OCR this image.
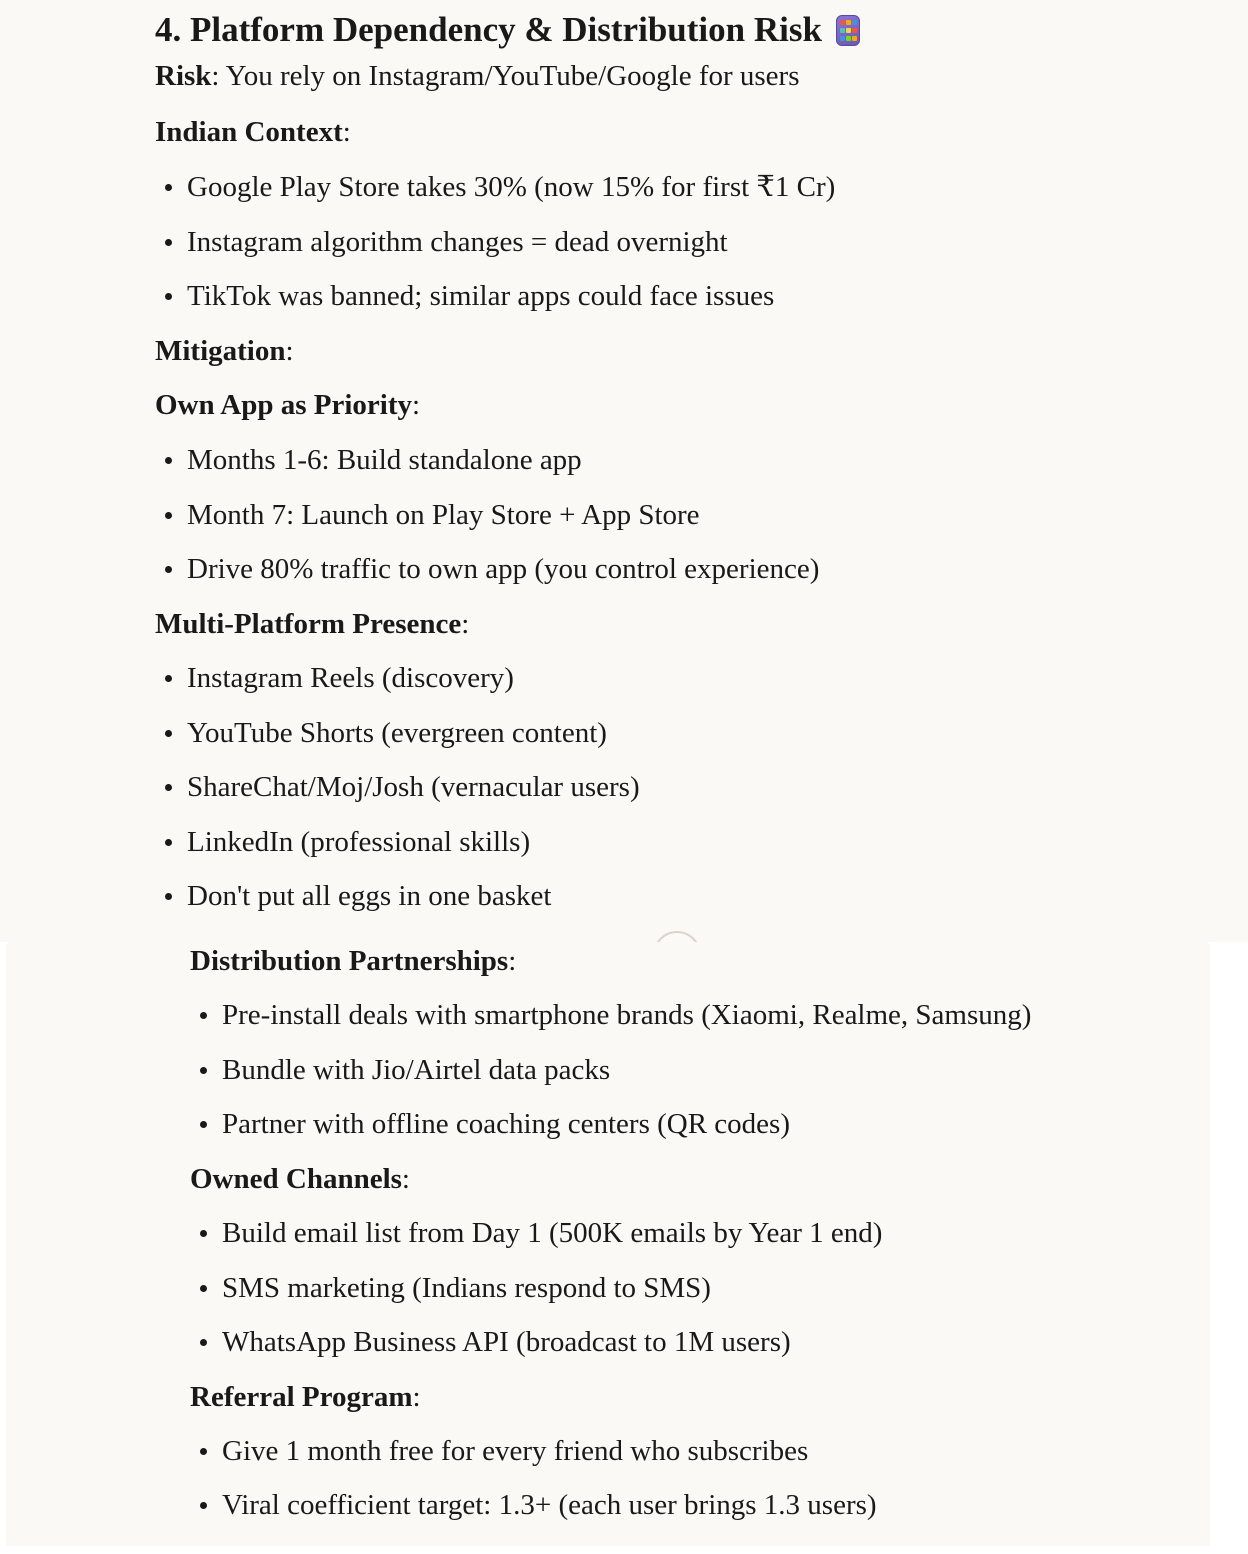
4. Platform Dependency & Distribution Risk
Risk: You rely on Instagram/YouTube/Google for users
Indian Context:
Google Play Store takes 30% (now 15% for first ₹1 Cr)
Instagram algorithm changes = dead overnight
TikTok was banned; similar apps could face issues
Mitigation:
Own App as Priority:
Months 1-6: Build standalone app
Month 7: Launch on Play Store + App Store
Drive 80% traffic to own app (you control experience)
Multi-Platform Presence:
Instagram Reels (discovery)
YouTube Shorts (evergreen content)
ShareChat/Moj/Josh (vernacular users)
LinkedIn (professional skills)
Don't put all eggs in one basket
Distribution Partnerships:
Pre-install deals with smartphone brands (Xiaomi, Realme, Samsung)
Bundle with Jio/Airtel data packs
Partner with offline coaching centers (QR codes)
Owned Channels:
Build email list from Day 1 (500K emails by Year 1 end)
SMS marketing (Indians respond to SMS)
WhatsApp Business API (broadcast to 1M users)
Referral Program:
Give 1 month free for every friend who subscribes
Viral coefficient target: 1.3+ (each user brings 1.3 users)
